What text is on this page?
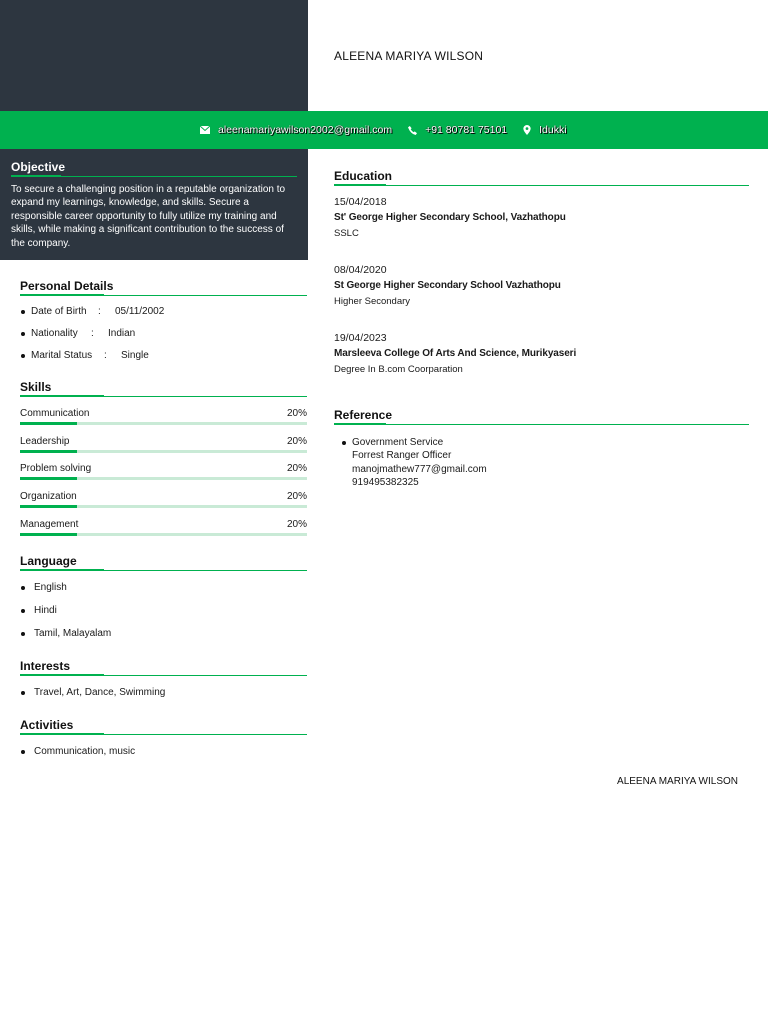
ALEENA MARIYA WILSON
aleenamariyawilson2002@gmail.com	+91 80781 75101	Idukki
Objective
To secure a challenging position in a reputable organization to expand my learnings, knowledge, and skills. Secure a responsible career opportunity to fully utilize my training and skills, while making a significant contribution to the success of the company.
Personal Details
Date of Birth : 05/11/2002
Nationality : Indian
Marital Status : Single
Skills
Communication	20%
Leadership	20%
Problem solving	20%
Organization	20%
Management	20%
Language
English
Hindi
Tamil, Malayalam
Interests
Travel, Art, Dance, Swimming
Activities
Communication, music
Education
15/04/2018
St' George Higher Secondary School, Vazhathopu
SSLC
08/04/2020
St George Higher Secondary School Vazhathopu
Higher Secondary
19/04/2023
Marsleeva College Of Arts And Science, Murikyaseri
Degree In B.com Coorparation
Reference
Government Service
Forrest Ranger Officer
manojmathew777@gmail.com
919495382325
ALEENA MARIYA WILSON
